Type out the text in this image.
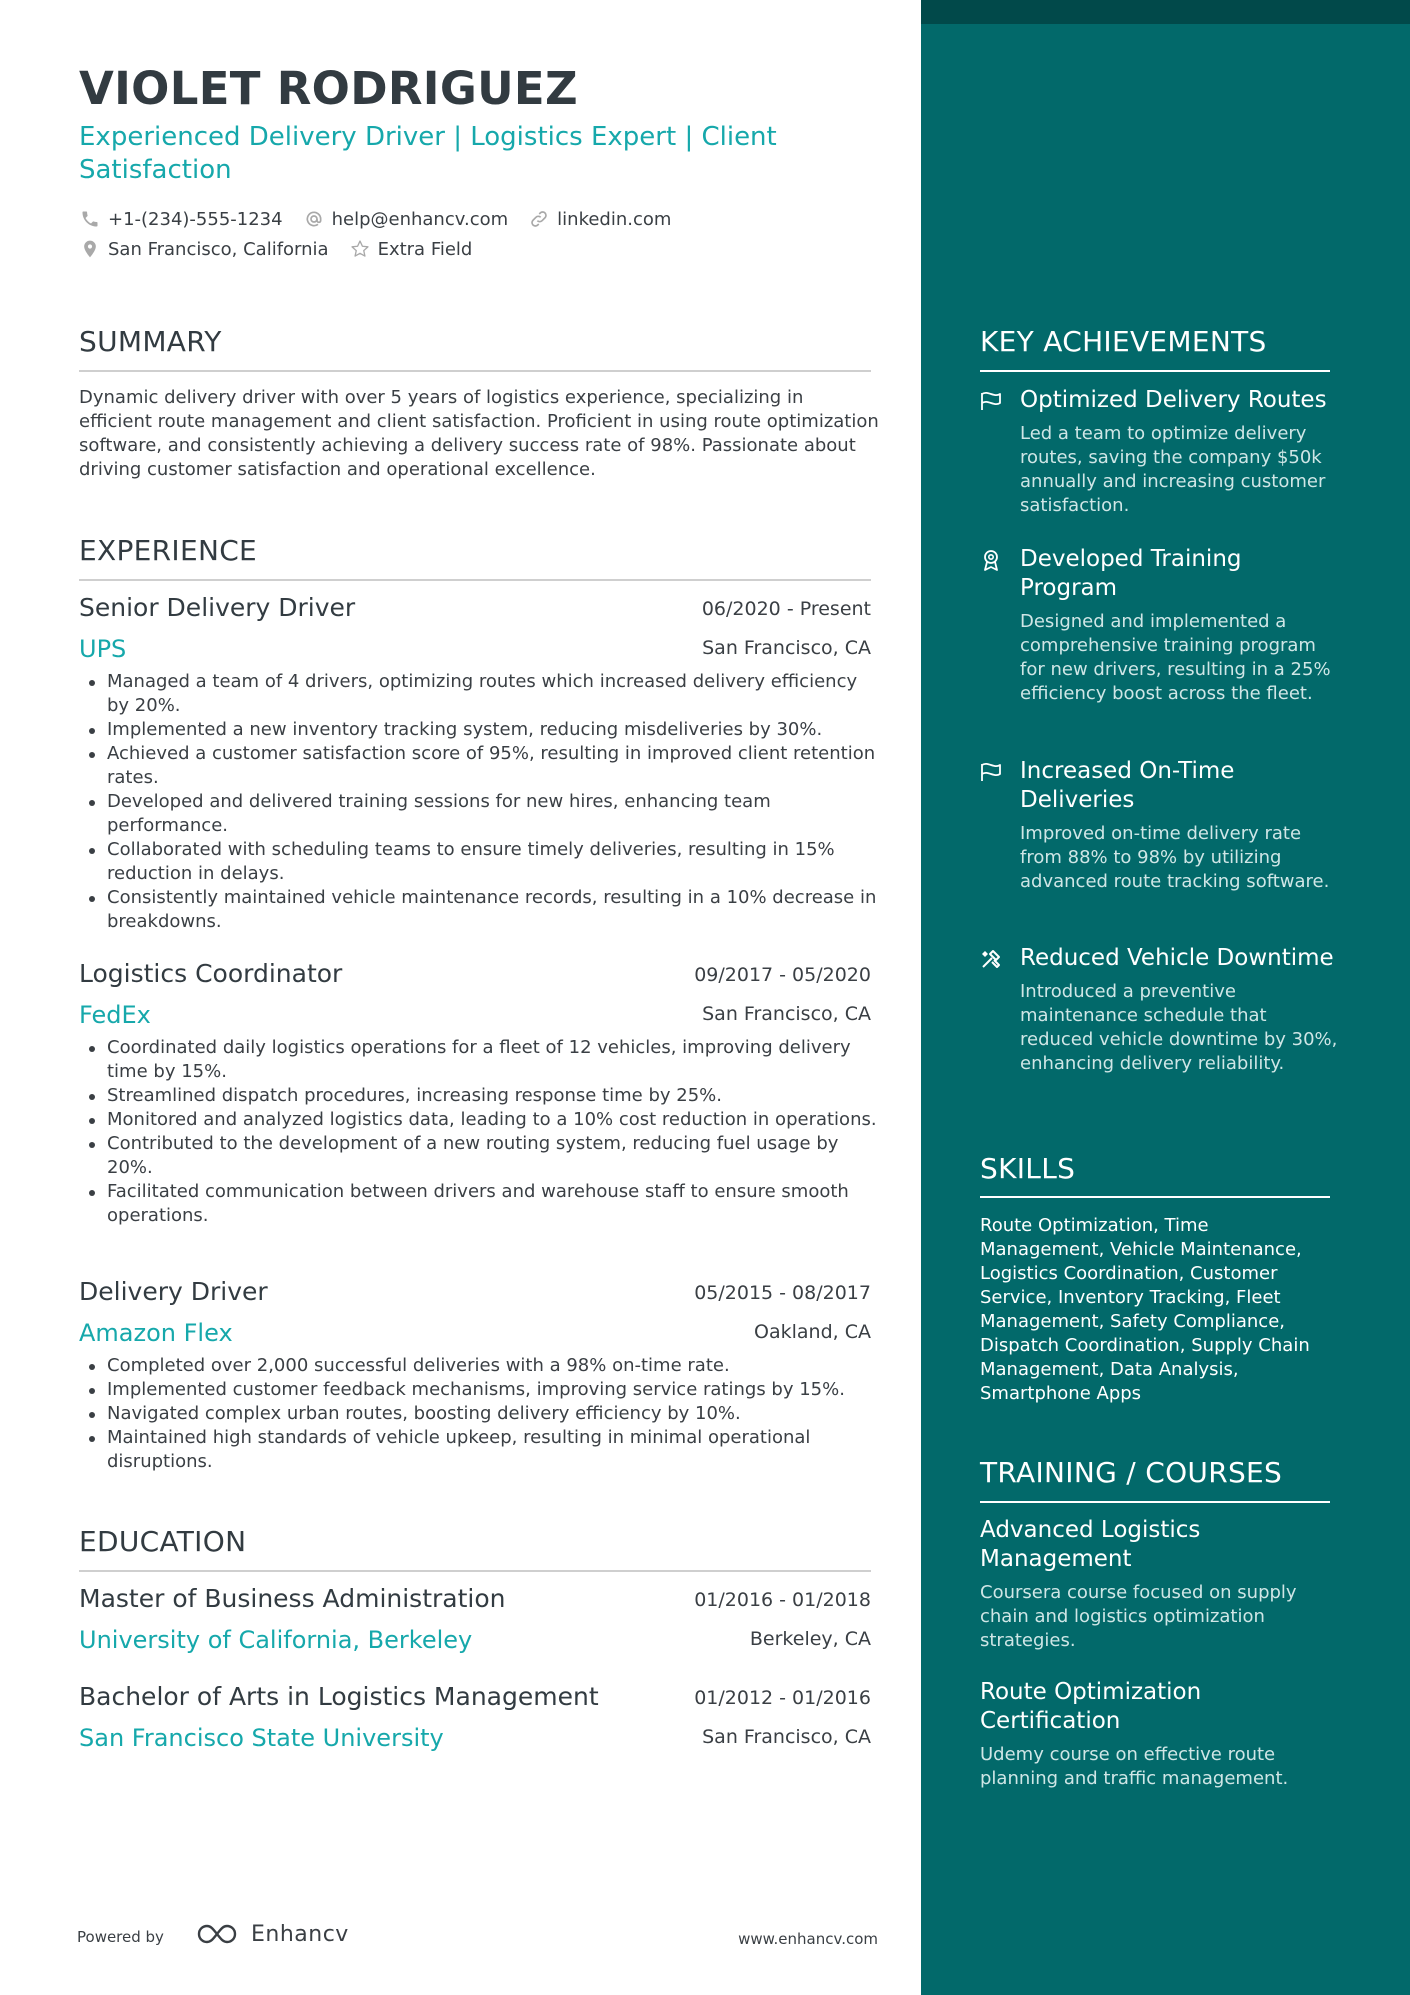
VIOLET RODRIGUEZ
Experienced Delivery Driver | Logistics Expert | Client Satisfaction
+1-(234)-555-1234	help@enhancv.com	linkedin.com
San Francisco, California	Extra Field
SUMMARY
Dynamic delivery driver with over 5 years of logistics experience, specializing in efficient route management and client satisfaction. Proficient in using route optimization software, and consistently achieving a delivery success rate of 98%. Passionate about driving customer satisfaction and operational excellence.
EXPERIENCE
Senior Delivery Driver	06/2020 - Present
UPS	San Francisco, CA
Managed a team of 4 drivers, optimizing routes which increased delivery efficiency by 20%.
Implemented a new inventory tracking system, reducing misdeliveries by 30%.
Achieved a customer satisfaction score of 95%, resulting in improved client retention rates.
Developed and delivered training sessions for new hires, enhancing team performance.
Collaborated with scheduling teams to ensure timely deliveries, resulting in 15% reduction in delays.
Consistently maintained vehicle maintenance records, resulting in a 10% decrease in breakdowns.
Logistics Coordinator	09/2017 - 05/2020
FedEx	San Francisco, CA
Coordinated daily logistics operations for a fleet of 12 vehicles, improving delivery time by 15%.
Streamlined dispatch procedures, increasing response time by 25%.
Monitored and analyzed logistics data, leading to a 10% cost reduction in operations.
Contributed to the development of a new routing system, reducing fuel usage by 20%.
Facilitated communication between drivers and warehouse staff to ensure smooth operations.
Delivery Driver	05/2015 - 08/2017
Amazon Flex	Oakland, CA
Completed over 2,000 successful deliveries with a 98% on-time rate.
Implemented customer feedback mechanisms, improving service ratings by 15%.
Navigated complex urban routes, boosting delivery efficiency by 10%.
Maintained high standards of vehicle upkeep, resulting in minimal operational disruptions.
EDUCATION
Master of Business Administration	01/2016 - 01/2018
University of California, Berkeley	Berkeley, CA
Bachelor of Arts in Logistics Management	01/2012 - 01/2016
San Francisco State University	San Francisco, CA
Powered by	Enhancv	www.enhancv.com
KEY ACHIEVEMENTS
Optimized Delivery Routes
Led a team to optimize delivery routes, saving the company $50k annually and increasing customer satisfaction.
Developed Training Program
Designed and implemented a comprehensive training program for new drivers, resulting in a 25% efficiency boost across the fleet.
Increased On-Time Deliveries
Improved on-time delivery rate from 88% to 98% by utilizing advanced route tracking software.
Reduced Vehicle Downtime
Introduced a preventive maintenance schedule that reduced vehicle downtime by 30%, enhancing delivery reliability.
SKILLS
Route Optimization, Time Management, Vehicle Maintenance, Logistics Coordination, Customer Service, Inventory Tracking, Fleet Management, Safety Compliance, Dispatch Coordination, Supply Chain Management, Data Analysis, Smartphone Apps
TRAINING / COURSES
Advanced Logistics Management
Coursera course focused on supply chain and logistics optimization strategies.
Route Optimization Certification
Udemy course on effective route planning and traffic management.
